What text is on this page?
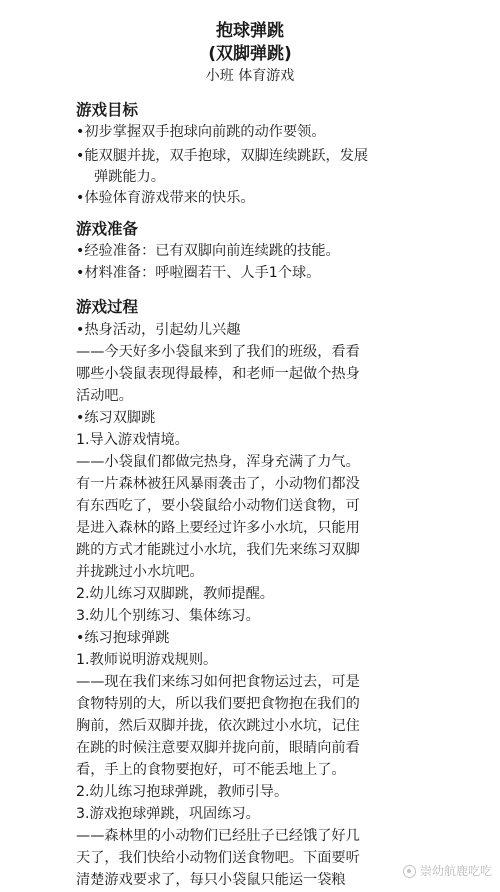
抱球弹跳
(双脚弹跳)
小班 体育游戏
游戏目标
•初步掌握双手抱球向前跳的动作要领。
•能双腿并拢，双手抱球，双脚连续跳跃，发展
弹跳能力。
•体验体育游戏带来的快乐。
游戏准备
•经验准备：已有双脚向前连续跳的技能。
•材料准备：呼啦圈若干、人手1个球。
游戏过程
•热身活动，引起幼儿兴趣
——今天好多小袋鼠来到了我们的班级，看看
哪些小袋鼠表现得最棒，和老师一起做个热身
活动吧。
•练习双脚跳
1.导入游戏情境。
——小袋鼠们都做完热身，浑身充满了力气。
有一片森林被狂风暴雨袭击了，小动物们都没
有东西吃了，要小袋鼠给小动物们送食物，可
是进入森林的路上要经过许多小水坑，只能用
跳的方式才能跳过小水坑，我们先来练习双脚
并拢跳过小水坑吧。
2.幼儿练习双脚跳，教师提醒。
3.幼儿个别练习、集体练习。
•练习抱球弹跳
1.教师说明游戏规则。
——现在我们来练习如何把食物运过去，可是
食物特别的大，所以我们要把食物抱在我们的
胸前，然后双脚并拢，依次跳过小水坑，记住
在跳的时候注意要双脚并拢向前，眼睛向前看
看，手上的食物要抱好，可不能丢地上了。
2.幼儿练习抱球弹跳，教师引导。
3.游戏抱球弹跳，巩固练习。
——森林里的小动物们已经肚子已经饿了好几
天了，我们快给小动物们送食物吧。下面要听
清楚游戏要求了，每只小袋鼠只能运一袋粮
崇幼航鹿吃吃
